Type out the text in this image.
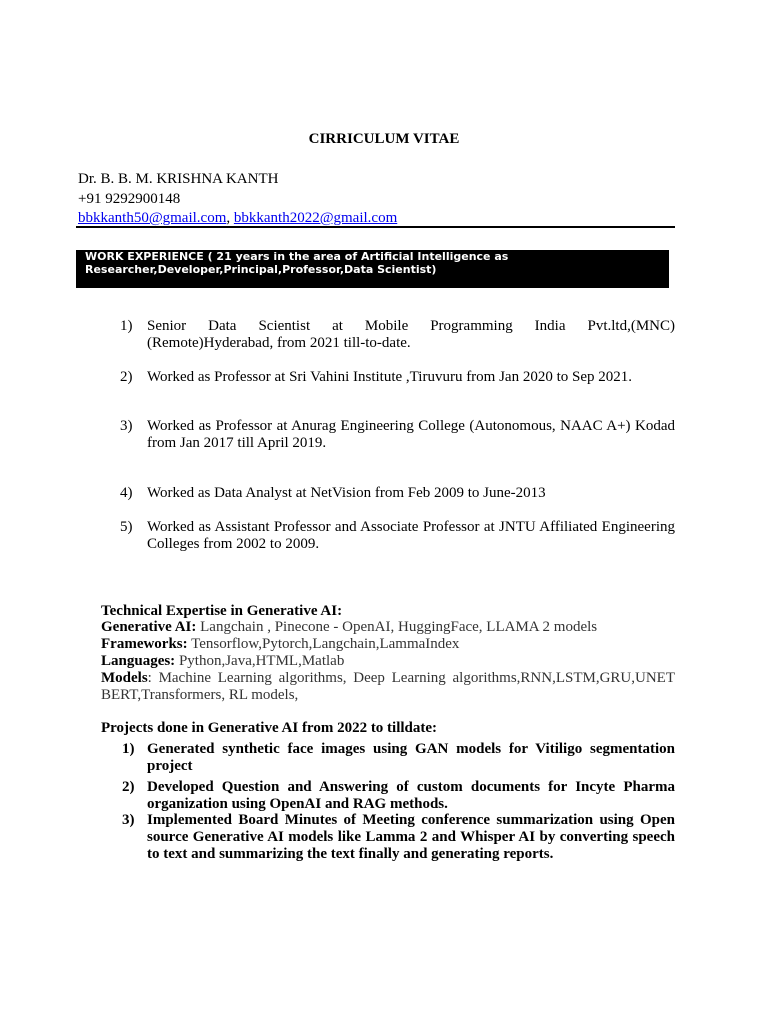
CIRRICULUM VITAE
Dr. B. B. M. KRISHNA KANTH
+91 9292900148
bbkkanth50@gmail.com, bbkkanth2022@gmail.com
WORK EXPERIENCE ( 21 years in the area of Artificial Intelligence as
Researcher,Developer,Principal,Professor,Data Scientist)
1) Senior Data Scientist at Mobile Programming India Pvt.ltd,(MNC) (Remote)Hyderabad, from 2021 till-to-date.
2) Worked as Professor at Sri Vahini Institute ,Tiruvuru from Jan 2020 to Sep 2021.
3) Worked as Professor at Anurag Engineering College (Autonomous, NAAC A+) Kodad from Jan 2017 till April 2019.
4) Worked as Data Analyst at NetVision from Feb 2009 to June-2013
5) Worked as Assistant Professor and Associate Professor at JNTU Affiliated Engineering Colleges from 2002 to 2009.
Technical Expertise in Generative AI:
Generative AI: Langchain , Pinecone - OpenAI, HuggingFace, LLAMA 2 models
Frameworks: Tensorflow,Pytorch,Langchain,LammaIndex
Languages: Python,Java,HTML,Matlab
Models: Machine Learning algorithms, Deep Learning algorithms,RNN,LSTM,GRU,UNET BERT,Transformers, RL models,
Projects done in Generative AI from 2022 to tilldate:
1) Generated synthetic face images using GAN models for Vitiligo segmentation project
2) Developed Question and Answering of custom documents for Incyte Pharma organization using OpenAI and RAG methods.
3) Implemented Board Minutes of Meeting conference summarization using Open source Generative AI models like Lamma 2 and Whisper AI by converting speech to text and summarizing the text finally and generating reports.
